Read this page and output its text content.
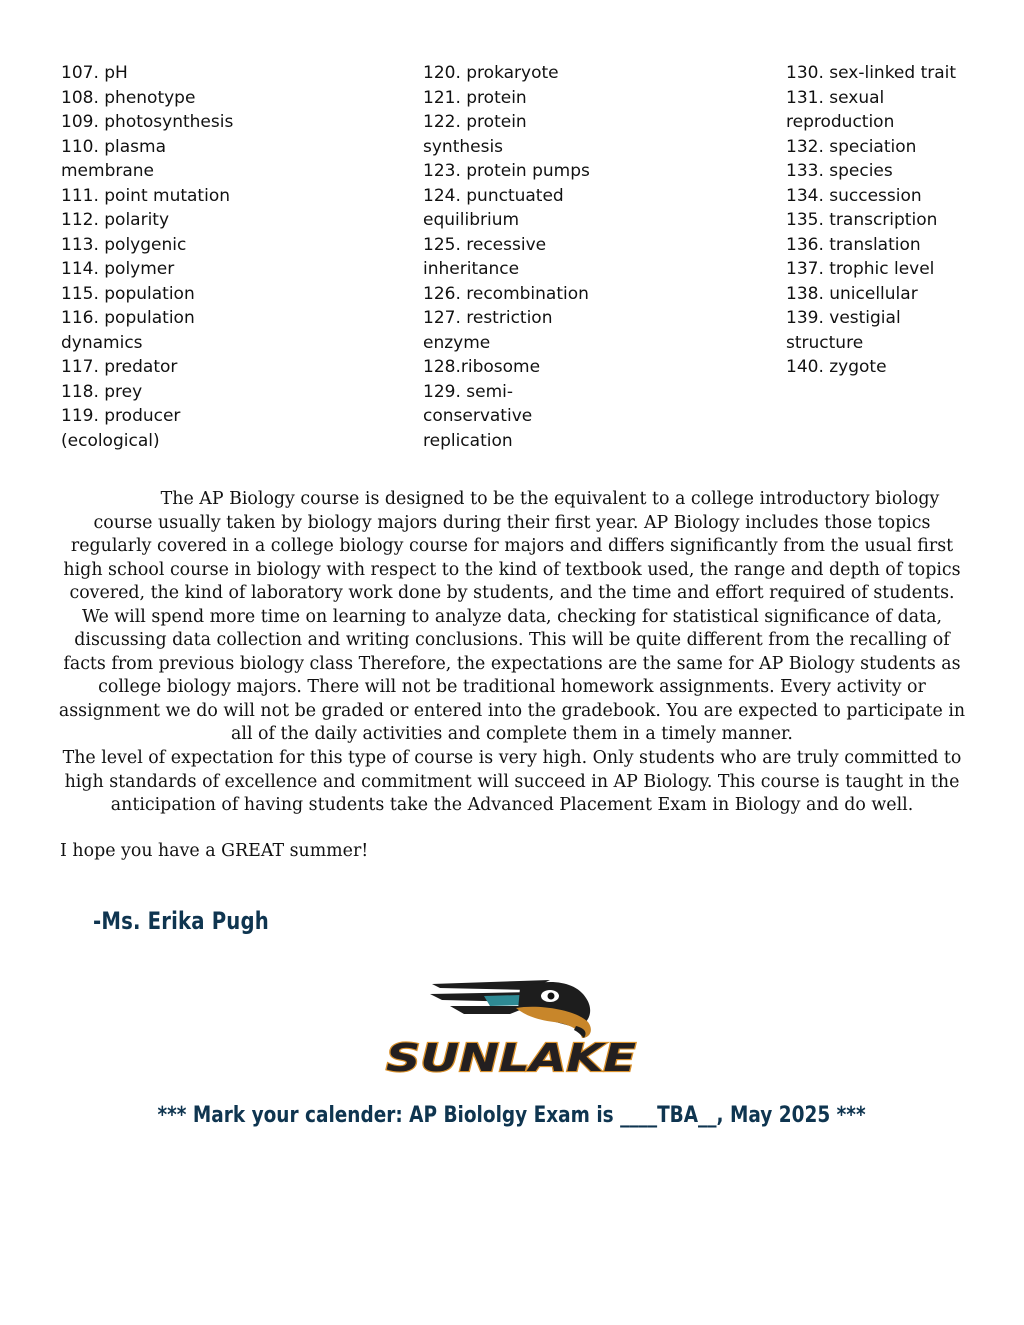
107. pH
108. phenotype
109. photosynthesis
110. plasma
membrane
111. point mutation
112. polarity
113. polygenic
114. polymer
115. population
116. population
dynamics
117. predator
118. prey
119. producer
(ecological)
120. prokaryote
121. protein
122. protein
synthesis
123. protein pumps
124. punctuated
equilibrium
125. recessive
inheritance
126. recombination
127. restriction
enzyme
128.ribosome
129. semi-
conservative
replication
130. sex-linked trait
131. sexual
reproduction
132. speciation
133. species
134. succession
135. transcription
136. translation
137. trophic level
138. unicellular
139. vestigial
structure
140. zygote

The AP Biology course is designed to be the equivalent to a college introductory biology course usually taken by biology majors during their first year. AP Biology includes those topics regularly covered in a college biology course for majors and differs significantly from the usual first high school course in biology with respect to the kind of textbook used, the range and depth of topics covered, the kind of laboratory work done by students, and the time and effort required of students. We will spend more time on learning to analyze data, checking for statistical significance of data, discussing data collection and writing conclusions. This will be quite different from the recalling of facts from previous biology class Therefore, the expectations are the same for AP Biology students as college biology majors. There will not be traditional homework assignments. Every activity or assignment we do will not be graded or entered into the gradebook. You are expected to participate in all of the daily activities and complete them in a timely manner.

The level of expectation for this type of course is very high. Only students who are truly committed to high standards of excellence and commitment will succeed in AP Biology. This course is taught in the anticipation of having students take the Advanced Placement Exam in Biology and do well.

I hope you have a GREAT summer!
-Ms. Erika Pugh
SUNLAKE
*** Mark your calender: AP Biololgy Exam is ____TBA__, May 2025 ***
